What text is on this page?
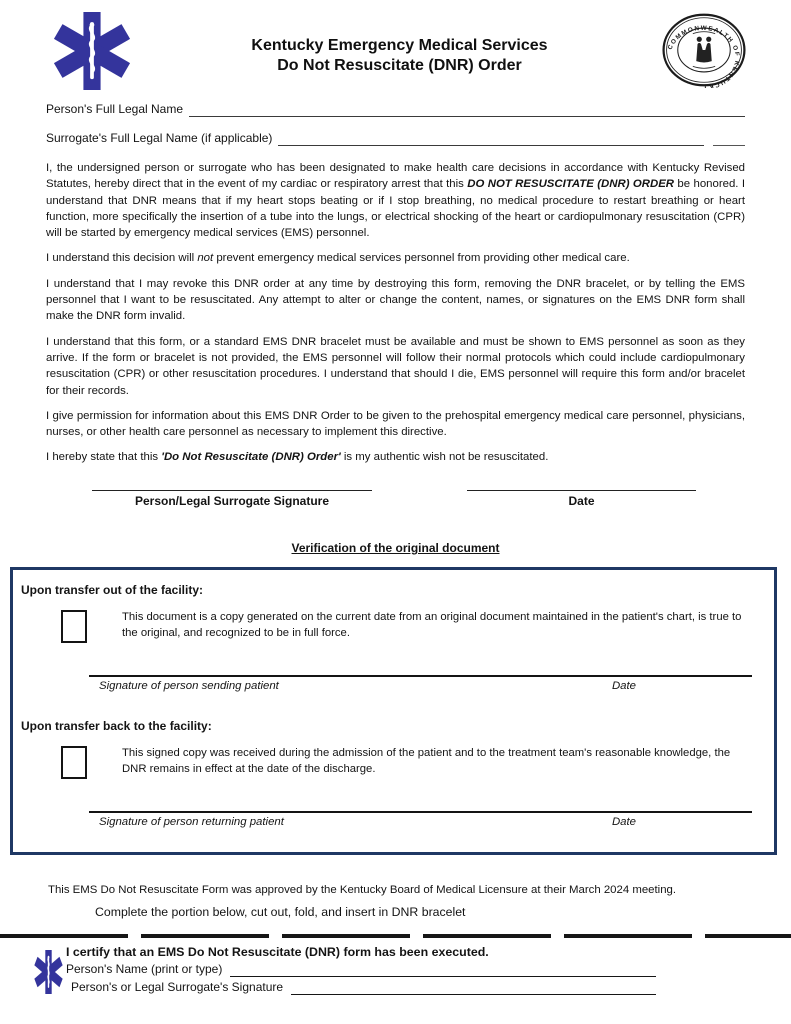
Kentucky Emergency Medical Services
Do Not Resuscitate (DNR) Order
COMMONWEALTH OF KENTUCKY
Person's Full Legal Name
Surrogate's Full Legal Name (if applicable)

I, the undersigned person or surrogate who has been designated to make health care decisions in accordance with Kentucky Revised Statutes, hereby direct that in the event of my cardiac or respiratory arrest that this DO NOT RESUSCITATE (DNR) ORDER be honored. I understand that DNR means that if my heart stops beating or if I stop breathing, no medical procedure to restart breathing or heart function, more specifically the insertion of a tube into the lungs, or electrical shocking of the heart or cardiopulmonary resuscitation (CPR) will be started by emergency medical services (EMS) personnel.

I understand this decision will not prevent emergency medical services personnel from providing other medical care.

I understand that I may revoke this DNR order at any time by destroying this form, removing the DNR bracelet, or by telling the EMS personnel that I want to be resuscitated. Any attempt to alter or change the content, names, or signatures on the EMS DNR form shall make the DNR form invalid.

I understand that this form, or a standard EMS DNR bracelet must be available and must be shown to EMS personnel as soon as they arrive. If the form or bracelet is not provided, the EMS personnel will follow their normal protocols which could include cardiopulmonary resuscitation (CPR) or other resuscitation procedures. I understand that should I die, EMS personnel will require this form and/or bracelet for their records.

I give permission for information about this EMS DNR Order to be given to the prehospital emergency medical care personnel, physicians, nurses, or other health care personnel as necessary to implement this directive.

I hereby state that this 'Do Not Resuscitate (DNR) Order' is my authentic wish not be resuscitated.

Person/Legal Surrogate Signature	Date
Verification of the original document
Upon transfer out of the facility:
This document is a copy generated on the current date from an original document maintained in the patient's chart, is true to the original, and recognized to be in full force.
Signature of person sending patient	Date
Upon transfer back to the facility:
This signed copy was received during the admission of the patient and to the treatment team's reasonable knowledge, the DNR remains in effect at the date of the discharge.
Signature of person returning patient	Date
This EMS Do Not Resuscitate Form was approved by the Kentucky Board of Medical Licensure at their March 2024 meeting.
Complete the portion below, cut out, fold, and insert in DNR bracelet
I certify that an EMS Do Not Resuscitate (DNR) form has been executed.
Person's Name (print or type)
Person's or Legal Surrogate's Signature
